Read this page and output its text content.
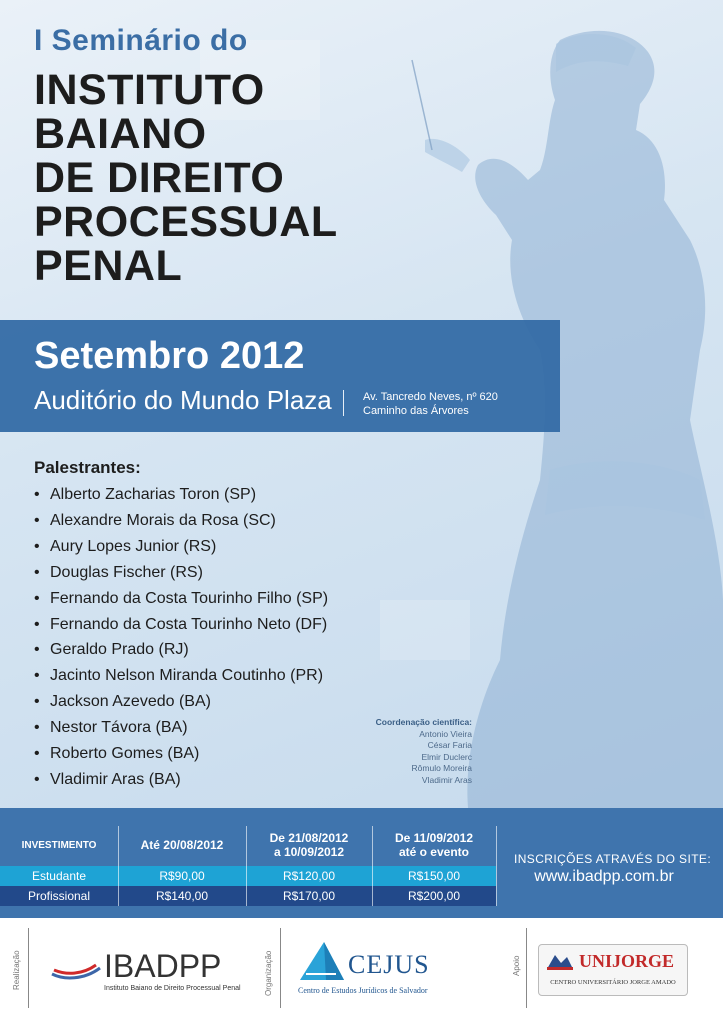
I Seminário do
INSTITUTO
BAIANO
DE DIREITO
PROCESSUAL
PENAL
Setembro 2012
Auditório do Mundo Plaza	Av. Tancredo Neves, nº 620
Caminho das Árvores
Palestrantes:
• Alberto Zacharias Toron (SP)
• Alexandre Morais da Rosa (SC)
• Aury Lopes Junior (RS)
• Douglas Fischer (RS)
• Fernando da Costa Tourinho Filho (SP)
• Fernando da Costa Tourinho Neto (DF)
• Geraldo Prado (RJ)
• Jacinto Nelson Miranda Coutinho (PR)
• Jackson Azevedo (BA)
• Nestor Távora (BA)
• Roberto Gomes (BA)
• Vladimir Aras (BA)
Coordenação científica:
Antonio Vieira
César Faria
Elmir Duclerc
Rômulo Moreira
Vladimir Aras
INVESTIMENTO	Até 20/08/2012	De 21/08/2012
a 10/09/2012
De 11/09/2012
até o evento
Estudante	R$90,00	R$120,00	R$150,00
Profissional	R$140,00	R$170,00	R$200,00
INSCRIÇÕES ATRAVÉS DO SITE:
www.ibadpp.com.br
Realização	IBADPP
Instituto Baiano de Direito Processual Penal	Organização	CEJUS
Centro de Estudos Jurídicos de Salvador
Apoio	UNIJORGE
CENTRO UNIVERSITÁRIO JORGE AMADO
